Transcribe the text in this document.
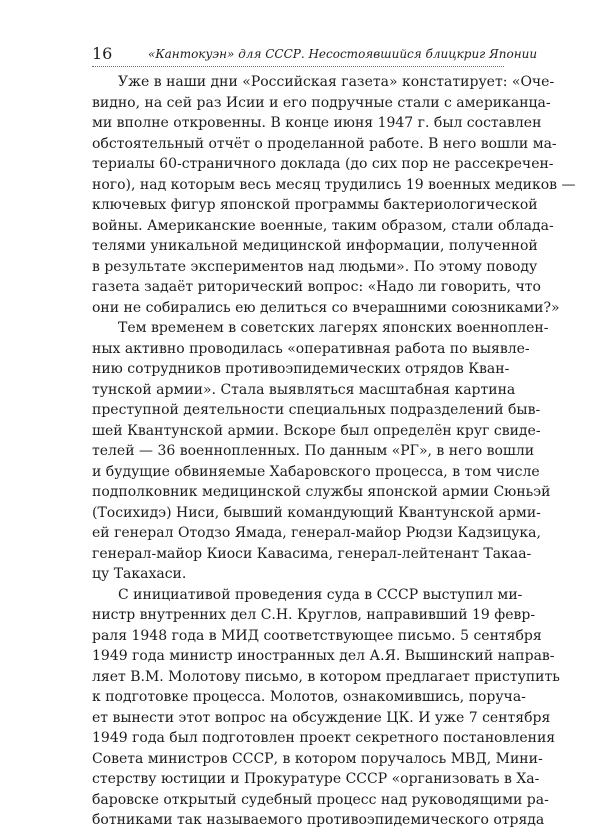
16	«Кантокуэн» для СССР. Несостоявшийся блицкриг Японии
Уже в наши дни «Российская газета» констатирует: «Оче-
видно, на сей раз Исии и его подручные стали с американца-
ми вполне откровенны. В конце июня 1947 г. был составлен
обстоятельный отчёт о проделанной работе. В него вошли ма-
териалы 60-страничного доклада (до сих пор не рассекречен-
ного), над которым весь месяц трудились 19 военных медиков —
ключевых фигур японской программы бактериологической
войны. Американские военные, таким образом, стали облада-
телями уникальной медицинской информации, полученной
в результате экспериментов над людьми». По этому поводу
газета задаёт риторический вопрос: «Надо ли говорить, что
они не собирались ею делиться со вчерашними союзниками?»
Тем временем в советских лагерях японских военноплен-
ных активно проводилась «оперативная работа по выявле-
нию сотрудников противоэпидемических отрядов Кван-
тунской армии». Стала выявляться масштабная картина
преступной деятельности специальных подразделений быв-
шей Квантунской армии. Вскоре был определён круг свиде-
телей — 36 военнопленных. По данным «РГ», в него вошли
и будущие обвиняемые Хабаровского процесса, в том числе
подполковник медицинской службы японской армии Сюньэй
(Тосихидэ) Ниси, бывший командующий Квантунской арми-
ей генерал Отодзо Ямада, генерал-майор Рюдзи Кадзицука,
генерал-майор Киоси Кавасима, генерал-лейтенант Такаа-
цу Такахаси.
С инициативой проведения суда в СССР выступил ми-
нистр внутренних дел С.Н. Круглов, направивший 19 февр-
раля 1948 года в МИД соответствующее письмо. 5 сентября
1949 года министр иностранных дел А.Я. Вышинский направ-
ляет В.М. Молотову письмо, в котором предлагает приступить
к подготовке процесса. Молотов, ознакомившись, поруча-
ет вынести этот вопрос на обсуждение ЦК. И уже 7 сентября
1949 года был подготовлен проект секретного постановления
Совета министров СССР, в котором поручалось МВД, Мини-
стерству юстиции и Прокуратуре СССР «организовать в Ха-
баровске открытый судебный процесс над руководящими ра-
ботниками так называемого противоэпидемического отряда
